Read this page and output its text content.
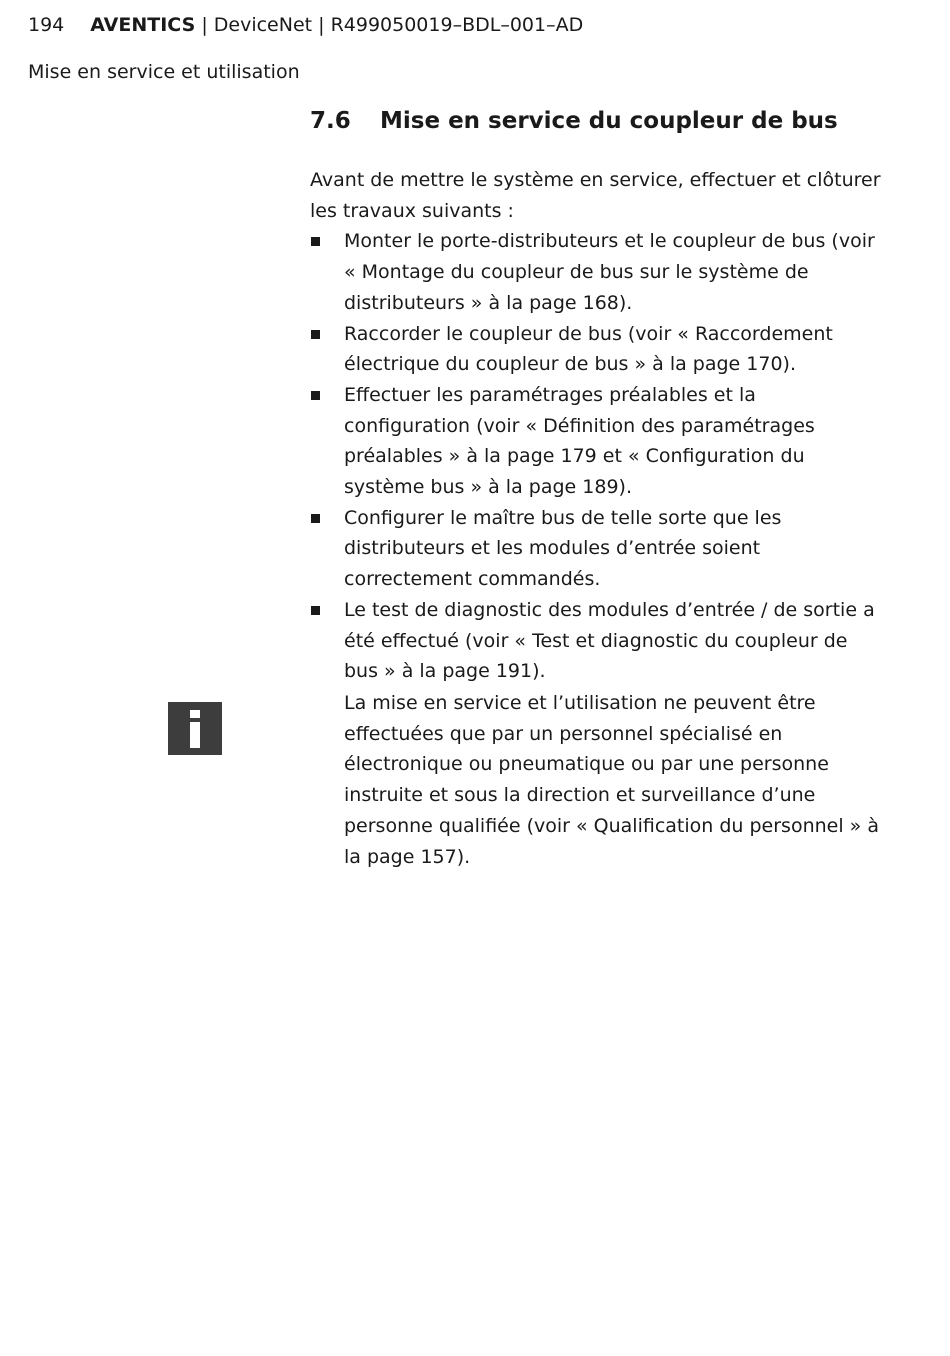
194 AVENTICS | DeviceNet | R499050019–BDL–001–AD
Mise en service et utilisation
7.6 Mise en service du coupleur de bus

Avant de mettre le système en service, effectuer et clôturer les travaux suivants :

Monter le porte-distributeurs et le coupleur de bus (voir « Montage du coupleur de bus sur le système de distributeurs » à la page 168).
Raccorder le coupleur de bus (voir « Raccordement électrique du coupleur de bus » à la page 170).
Effectuer les paramétrages préalables et la configuration (voir « Définition des paramétrages préalables » à la page 179 et « Configuration du système bus » à la page 189).
Configurer le maître bus de telle sorte que les distributeurs et les modules d’entrée soient correctement commandés.
Le test de diagnostic des modules d’entrée / de sortie a été effectué (voir « Test et diagnostic du coupleur de bus » à la page 191).
La mise en service et l’utilisation ne peuvent être effectuées que par un personnel spécialisé en électronique ou pneumatique ou par une personne instruite et sous la direction et surveillance d’une personne qualifiée (voir « Qualification du personnel » à la page 157).
